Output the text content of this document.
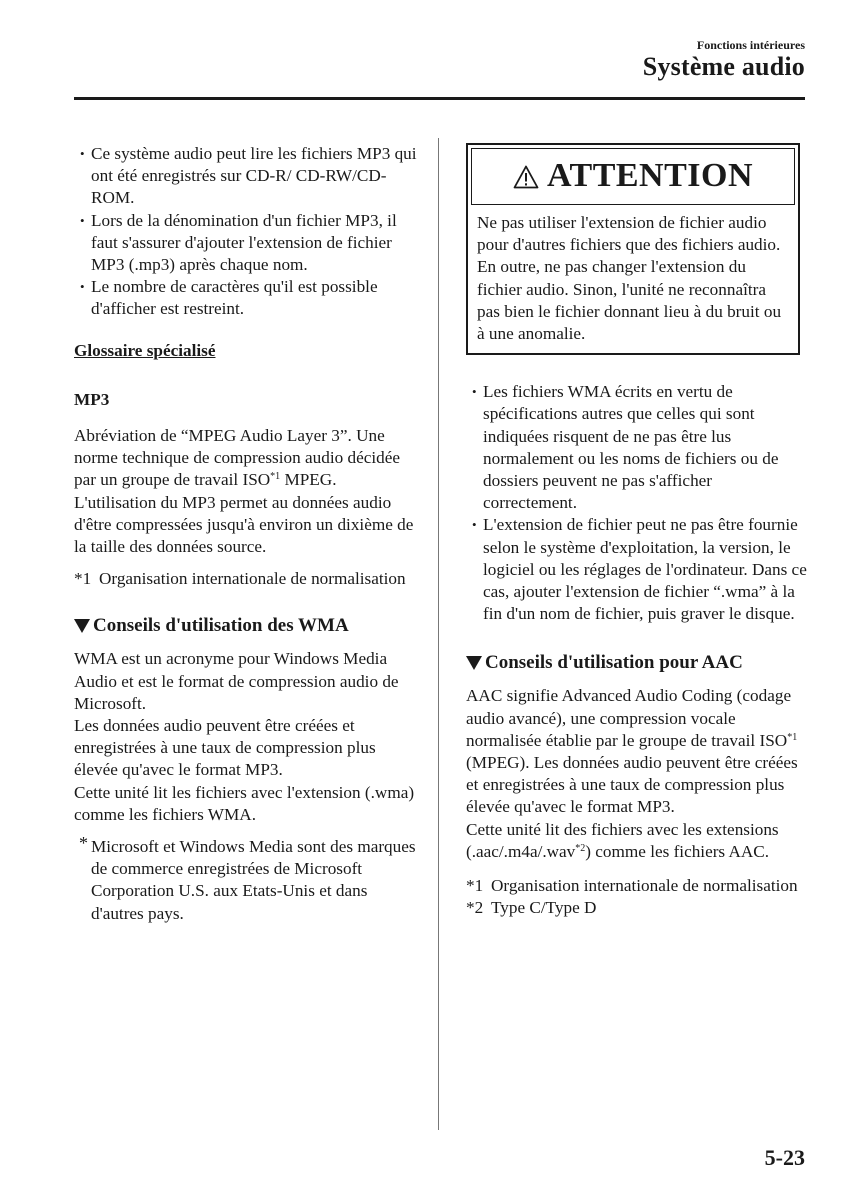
Fonctions intérieures
Système audio

• Ce système audio peut lire les fichiers MP3 qui ont été enregistrés sur CD-R/ CD-RW/CD-ROM.

• Lors de la dénomination d'un fichier MP3, il faut s'assurer d'ajouter l'extension de fichier MP3 (.mp3) après chaque nom.

• Le nombre de caractères qu'il est possible d'afficher est restreint.

Glossaire spécialisé

MP3

Abréviation de “MPEG Audio Layer 3”. Une norme technique de compression audio décidée par un groupe de travail ISO$^{*1}$ MPEG. L'utilisation du MP3 permet au données audio d'être compressées jusqu'à environ un dixième de la taille des données source.

*1 Organisation internationale de normalisation

Conseils d'utilisation des WMA

WMA est un acronyme pour Windows Media Audio et est le format de compression audio de Microsoft.

Les données audio peuvent être créées et enregistrées à une taux de compression plus élevée qu'avec le format MP3.

Cette unité lit les fichiers avec l'extension (.wma) comme les fichiers WMA.

* Microsoft et Windows Media sont des marques de commerce enregistrées de Microsoft Corporation U.S. aux Etats-Unis et dans d'autres pays.

ATTENTION

Ne pas utiliser l'extension de fichier audio pour d'autres fichiers que des fichiers audio. En outre, ne pas changer l'extension du fichier audio. Sinon, l'unité ne reconnaîtra pas bien le fichier donnant lieu à du bruit ou à une anomalie.

• Les fichiers WMA écrits en vertu de spécifications autres que celles qui sont indiquées risquent de ne pas être lus normalement ou les noms de fichiers ou de dossiers peuvent ne pas s'afficher correctement.

• L'extension de fichier peut ne pas être fournie selon le système d'exploitation, la version, le logiciel ou les réglages de l'ordinateur. Dans ce cas, ajouter l'extension de fichier “.wma” à la fin d'un nom de fichier, puis graver le disque.

Conseils d'utilisation pour AAC

AAC signifie Advanced Audio Coding (codage audio avancé), une compression vocale normalisée établie par le groupe de travail ISO$^{*1}$ (MPEG). Les données audio peuvent être créées et enregistrées à une taux de compression plus élevée qu'avec le format MP3.

Cette unité lit des fichiers avec les extensions (.aac/.m4a/.wav$^{*2}$) comme les fichiers AAC.

*1 Organisation internationale de normalisation

*2 Type C/Type D

5-23
